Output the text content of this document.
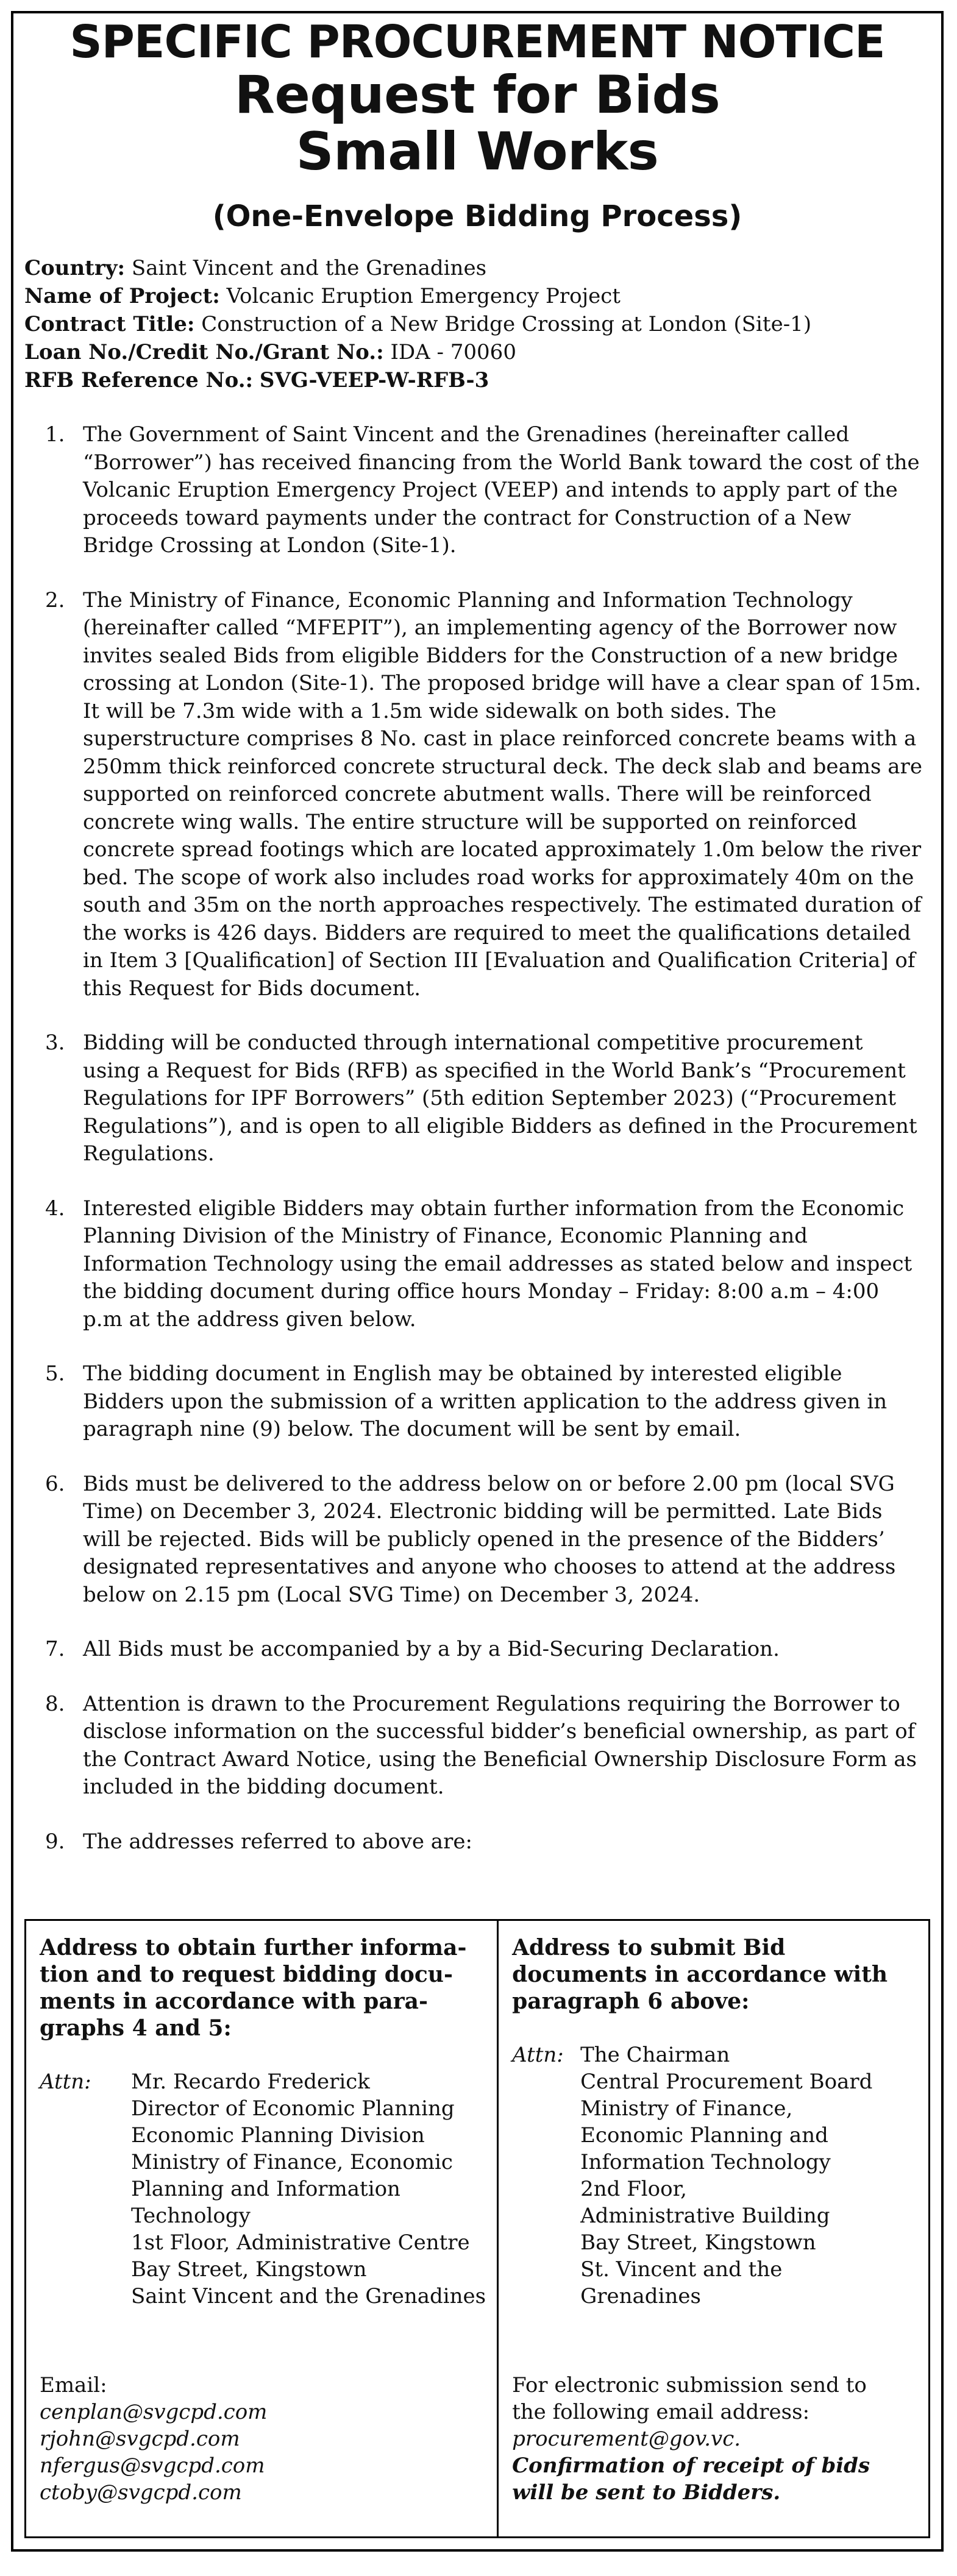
SPECIFIC PROCUREMENT NOTICE
Request for Bids
Small Works
(One-Envelope Bidding Process)
Country: Saint Vincent and the Grenadines
Name of Project: Volcanic Eruption Emergency Project
Contract Title: Construction of a New Bridge Crossing at London (Site-1)
Loan No./Credit No./Grant No.: IDA - 70060
RFB Reference No.: SVG-VEEP-W-RFB-3
1. The Government of Saint Vincent and the Grenadines (hereinafter called “Borrower”) has received financing from the World Bank toward the cost of the Volcanic Eruption Emergency Project (VEEP) and intends to apply part of the proceeds toward payments under the contract for Construction of a New Bridge Crossing at London (Site-1).
2. The Ministry of Finance, Economic Planning and Information Technology (hereinafter called “MFEPIT”), an implementing agency of the Borrower now invites sealed Bids from eligible Bidders for the Construction of a new bridge crossing at London (Site-1). The proposed bridge will have a clear span of 15m. It will be 7.3m wide with a 1.5m wide sidewalk on both sides. The superstructure comprises 8 No. cast in place reinforced concrete beams with a 250mm thick reinforced concrete structural deck. The deck slab and beams are supported on reinforced concrete abutment walls. There will be reinforced concrete wing walls. The entire structure will be supported on reinforced concrete spread footings which are located approximately 1.0m below the river bed. The scope of work also includes road works for approximately 40m on the south and 35m on the north approaches respectively. The estimated duration of the works is 426 days. Bidders are required to meet the qualifications detailed in Item 3 [Qualification] of Section III [Evaluation and Qualification Criteria] of this Request for Bids document.
3. Bidding will be conducted through international competitive procurement using a Request for Bids (RFB) as specified in the World Bank’s “Procurement Regulations for IPF Borrowers” (5th edition September 2023) (“Procurement Regulations”), and is open to all eligible Bidders as defined in the Procurement Regulations.
4. Interested eligible Bidders may obtain further information from the Economic Planning Division of the Ministry of Finance, Economic Planning and Information Technology using the email addresses as stated below and inspect the bidding document during office hours Monday – Friday: 8:00 a.m – 4:00 p.m at the address given below.
5. The bidding document in English may be obtained by interested eligible Bidders upon the submission of a written application to the address given in paragraph nine (9) below. The document will be sent by email.
6. Bids must be delivered to the address below on or before 2.00 pm (local SVG Time) on December 3, 2024. Electronic bidding will be permitted. Late Bids will be rejected. Bids will be publicly opened in the presence of the Bidders’ designated representatives and anyone who chooses to attend at the address below on 2.15 pm (Local SVG Time) on December 3, 2024.
7. All Bids must be accompanied by a by a Bid-Securing Declaration.
8. Attention is drawn to the Procurement Regulations requiring the Borrower to disclose information on the successful bidder’s beneficial ownership, as part of the Contract Award Notice, using the Beneficial Ownership Disclosure Form as included in the bidding document.
9. The addresses referred to above are:
Address to obtain further informa-
tion and to request bidding docu-
ments in accordance with para-
graphs 4 and 5:
Attn:	Mr. Recardo Frederick
Director of Economic Planning
Economic Planning Division
Ministry of Finance, Economic
Planning and Information
Technology
1st Floor, Administrative Centre
Bay Street, Kingstown
Saint Vincent and the Grenadines
Email:
cenplan@svgcpd.com
rjohn@svgcpd.com
nfergus@svgcpd.com
ctoby@svgcpd.com
Address to submit Bid
documents in accordance with
paragraph 6 above:
Attn: The Chairman
Central Procurement Board
Ministry of Finance,
Economic Planning and
Information Technology
2nd Floor,
Administrative Building
Bay Street, Kingstown
St. Vincent and the
Grenadines
For electronic submission send to
the following email address:
procurement@gov.vc.
Confirmation of receipt of bids
will be sent to Bidders.
